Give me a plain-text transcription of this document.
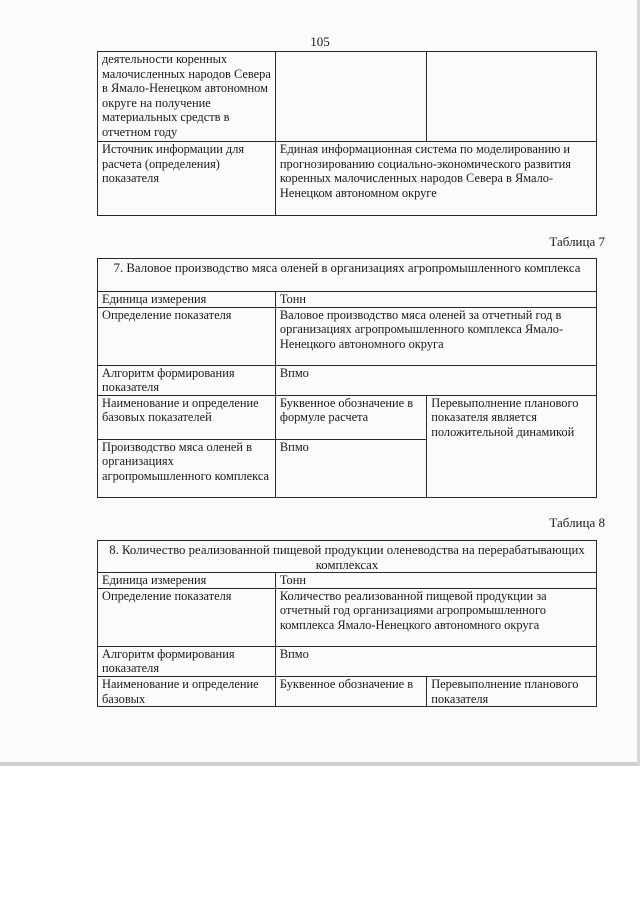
105
деятельности коренных малочисленных народов Севера в Ямало-Ненецком автономном округе на получение материальных средств в отчетном году		
Источник информации для расчета (определения) показателя	Единая информационная система по моделированию и прогнозированию социально-экономического развития коренных малочисленных народов Севера в Ямало-Ненецком автономном округе	
Таблица 7
7. Валовое производство мяса оленей в организациях агропромышленного комплекса		
Единица измерения	Тонн	
Определение показателя	Валовое производство мяса оленей за отчетный год в организациях агропромышленного комплекса Ямало-Ненецкого автономного округа	
Алгоритм формирования показателя	Впмо	
Наименование и определение базовых показателей	Буквенное обозначение в формуле расчета	Перевыполнение планового показателя является положительной динамикой
Производство мяса оленей в организациях агропромышленного комплекса	Впмо	
Таблица 8
8. Количество реализованной пищевой продукции оленеводства на перерабатывающих комплексах		
Единица измерения	Тонн	
Определение показателя	Количество реализованной пищевой продукции за отчетный год организациями агропромышленного комплекса Ямало-Ненецкого автономного округа	
Алгоритм формирования показателя	Впмо	
Наименование и определение базовых	Буквенное обозначение в	Перевыполнение планового показателя
